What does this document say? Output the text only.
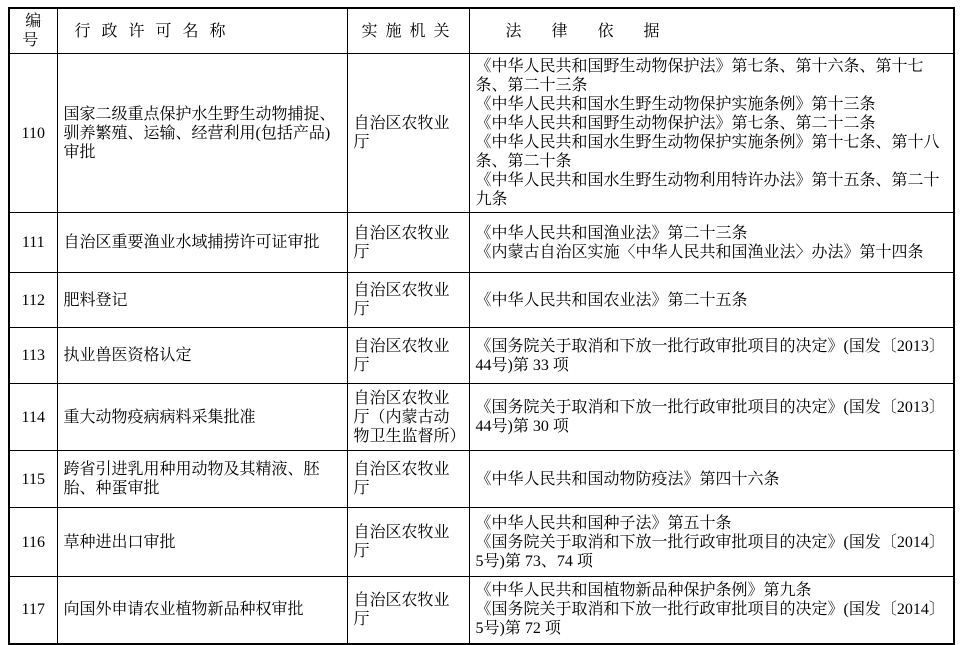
编号	行政许可名称	实施机关	法律依据
110	国家二级重点保护水生野生动物捕捉、驯养繁殖、运输、经营利用(包括产品)审批	自治区农牧业厅	《中华人民共和国野生动物保护法》第七条、第十六条、第十七条、第二十三条
《中华人民共和国水生野生动物保护实施条例》第十三条
《中华人民共和国野生动物保护法》第七条、第二十二条
《中华人民共和国水生野生动物保护实施条例》第十七条、第十八条、第二十条
《中华人民共和国水生野生动物利用特许办法》第十五条、第二十九条

111	自治区重要渔业水域捕捞许可证审批	自治区农牧业厅	《中华人民共和国渔业法》第二十三条
《内蒙古自治区实施〈中华人民共和国渔业法〉办法》第十四条

112	肥料登记	自治区农牧业厅	《中华人民共和国农业法》第二十五条

113	执业兽医资格认定	自治区农牧业厅	《国务院关于取消和下放一批行政审批项目的决定》(国发〔2013〕44号)第 33 项

114	重大动物疫病病料采集批准	自治区农牧业厅（内蒙古动物卫生监督所）	《国务院关于取消和下放一批行政审批项目的决定》(国发〔2013〕44号)第 30 项

115	跨省引进乳用种用动物及其精液、胚胎、种蛋审批	自治区农牧业厅	《中华人民共和国动物防疫法》第四十六条

116	草种进出口审批	自治区农牧业厅	《中华人民共和国种子法》第五十条
《国务院关于取消和下放一批行政审批项目的决定》(国发〔2014〕5号)第 73、74 项

117	向国外申请农业植物新品种权审批	自治区农牧业厅	《中华人民共和国植物新品种保护条例》第九条
《国务院关于取消和下放一批行政审批项目的决定》(国发〔2014〕5号)第 72 项
